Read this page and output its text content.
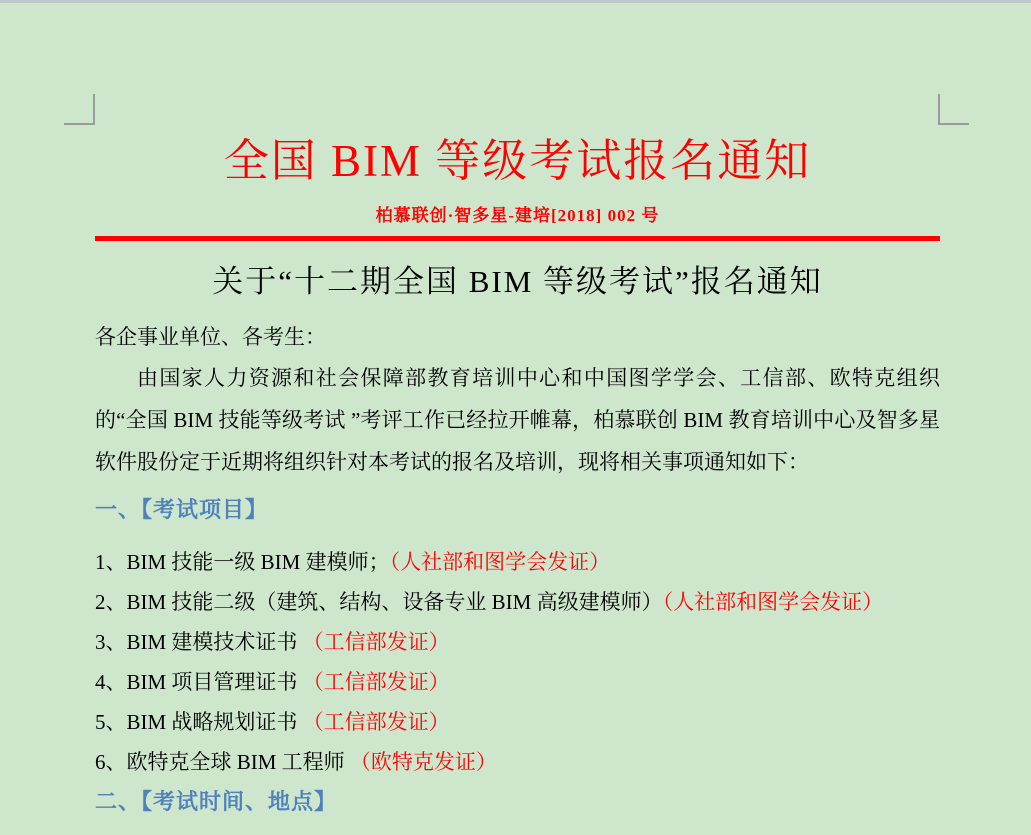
全国 BIM 等级考试报名通知
柏慕联创·智多星-建培[2018] 002 号
关于“十二期全国 BIM 等级考试”报名通知
各企事业单位、各考生：
由国家人力资源和社会保障部教育培训中心和中国图学学会、工信部、欧特克组织的“全国 BIM 技能等级考试 ”考评工作已经拉开帷幕，柏慕联创 BIM 教育培训中心及智多星软件股份定于近期将组织针对本考试的报名及培训，现将相关事项通知如下：
一、【考试项目】
1、BIM 技能一级 BIM 建模师；（人社部和图学会发证）
2、BIM 技能二级（建筑、结构、设备专业 BIM 高级建模师）（人社部和图学会发证）
3、BIM 建模技术证书 （工信部发证）
4、BIM 项目管理证书 （工信部发证）
5、BIM 战略规划证书 （工信部发证）
6、欧特克全球 BIM 工程师 （欧特克发证）
二、【考试时间、地点】
